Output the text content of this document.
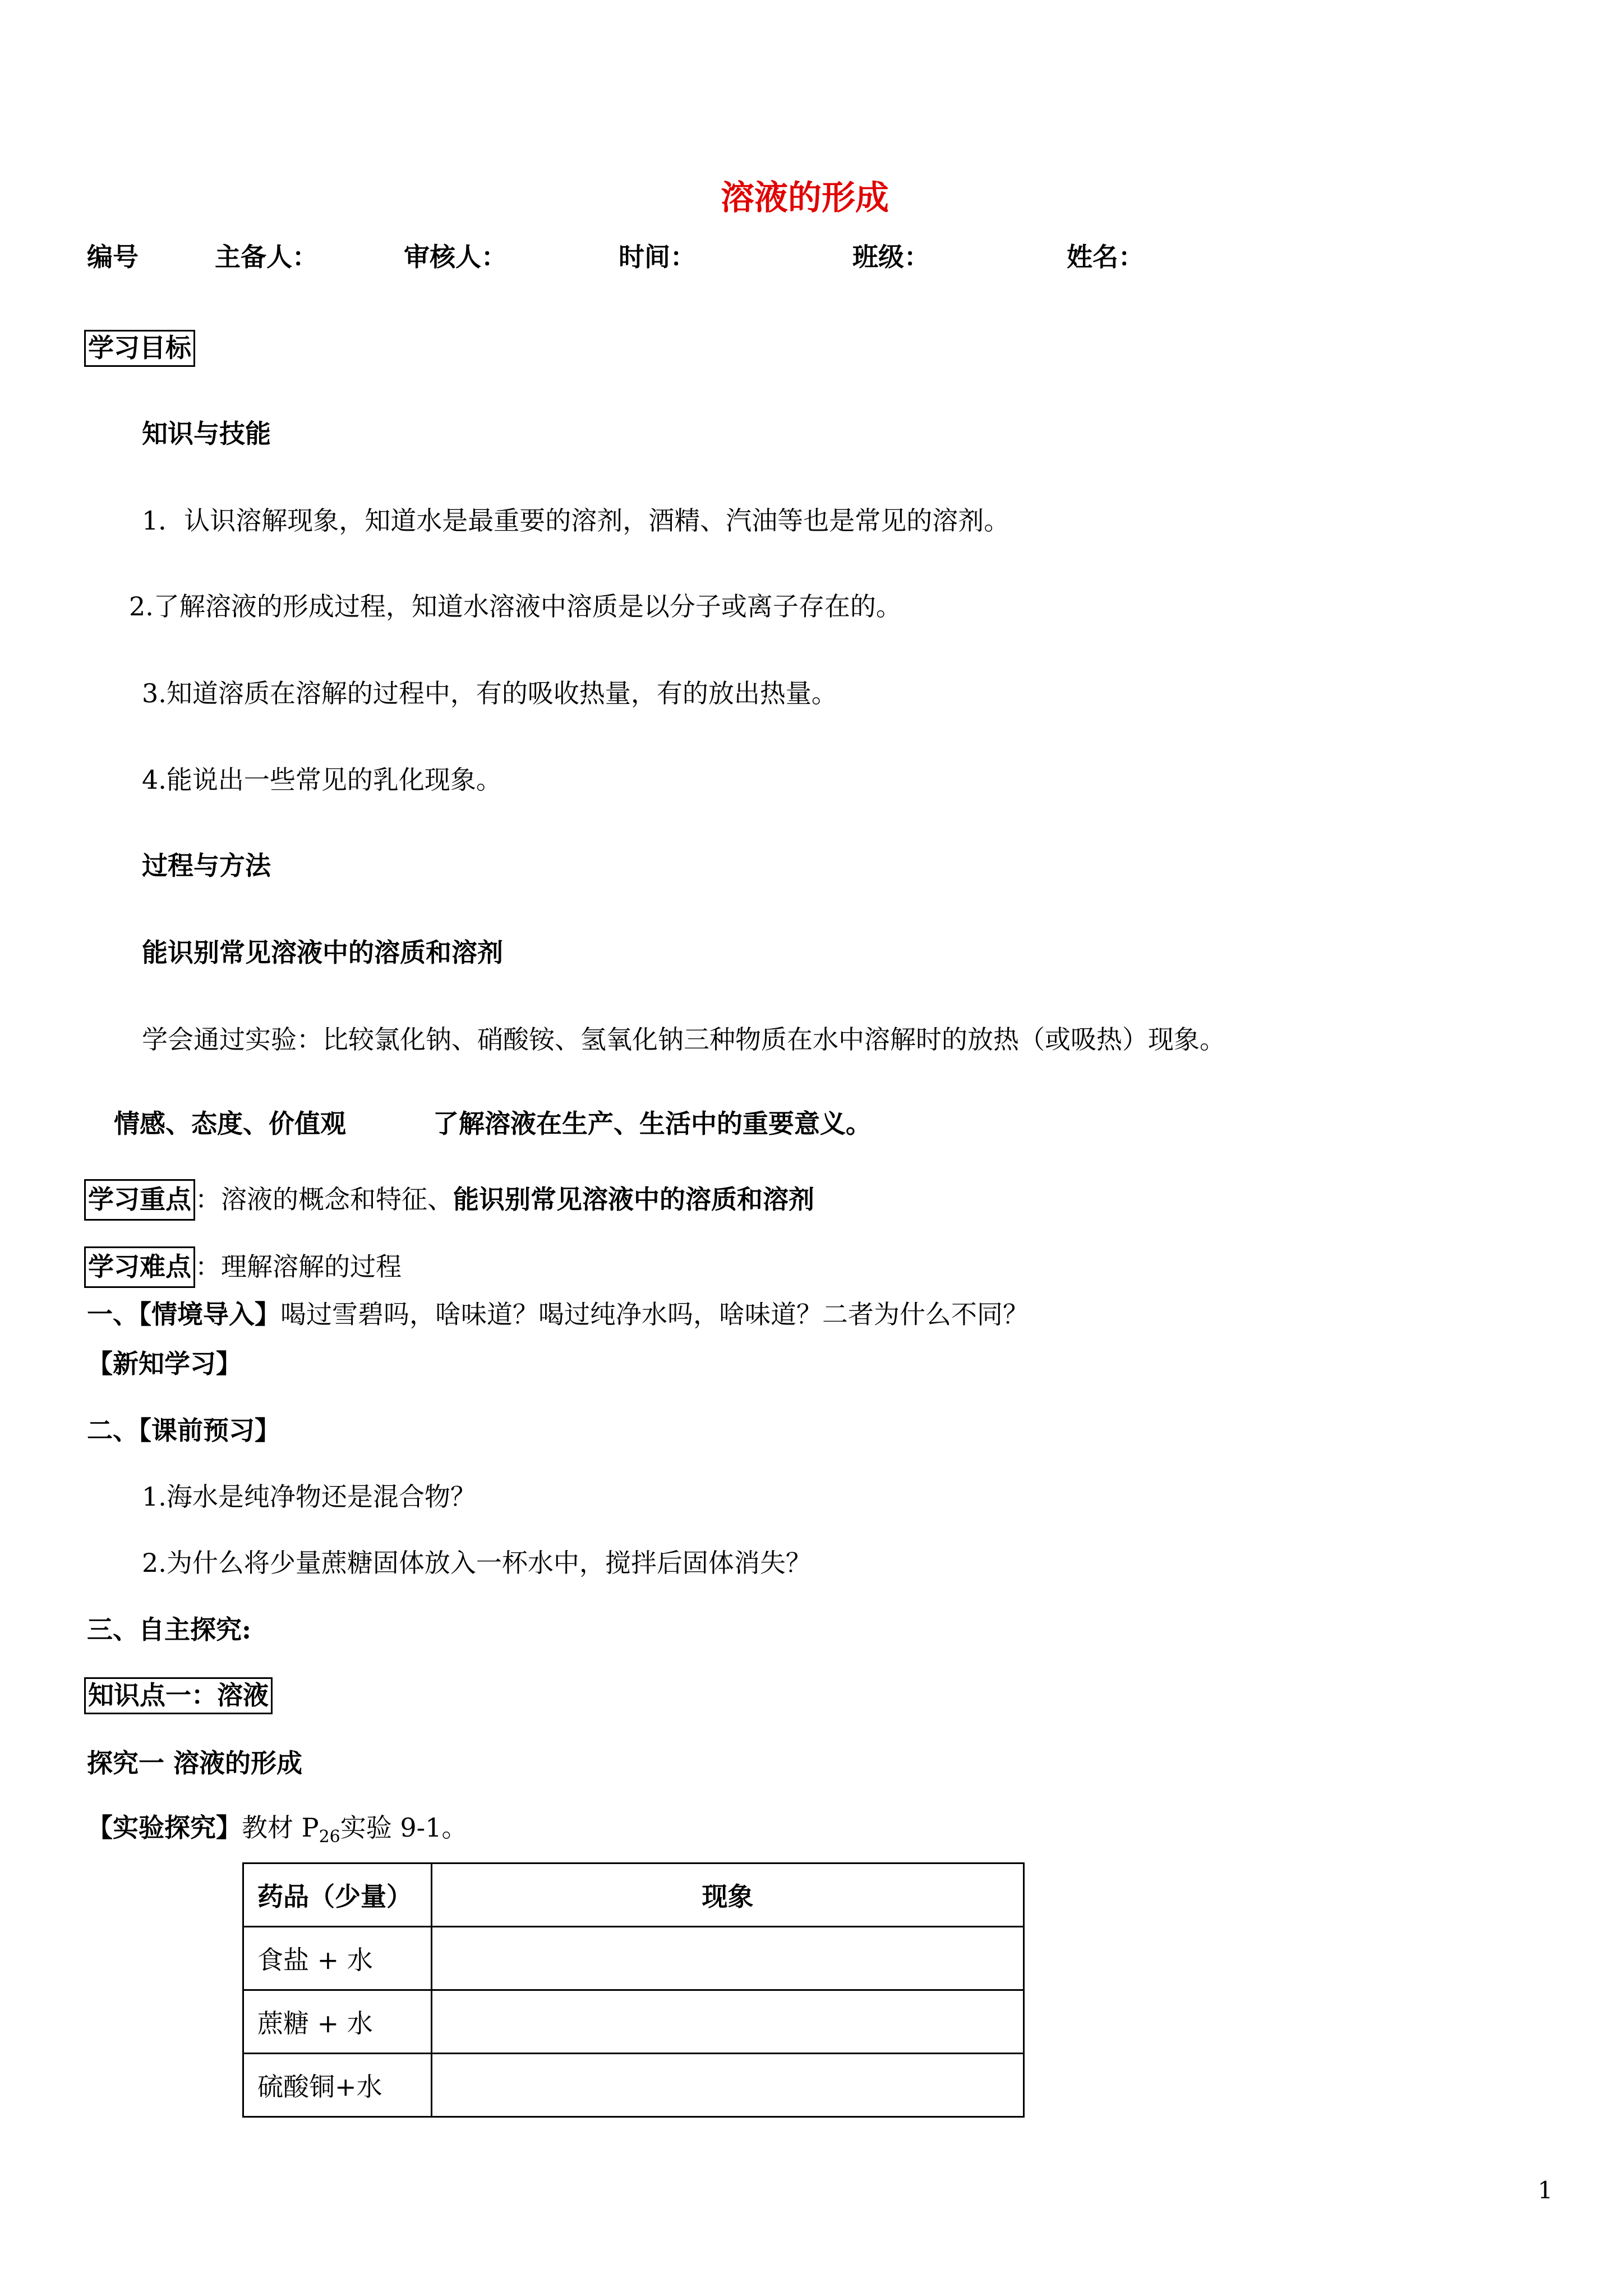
溶液的形成
编号	主备人：	审核人：	时间：	班级：	姓名：
学习目标
知识与技能
1．认识溶解现象，知道水是最重要的溶剂，酒精、汽油等也是常见的溶剂。
2.了解溶液的形成过程，知道水溶液中溶质是以分子或离子存在的。
3.知道溶质在溶解的过程中，有的吸收热量，有的放出热量。
4.能说出一些常见的乳化现象。
过程与方法
能识别常见溶液中的溶质和溶剂
学会通过实验：比较氯化钠、硝酸铵、氢氧化钠三种物质在水中溶解时的放热（或吸热）现象。
情感、态度、价值观	了解溶液在生产、生活中的重要意义。
学习重点 ：溶液的概念和特征、能识别常见溶液中的溶质和溶剂
学习难点 ：理解溶解的过程
一、【情境导入】喝过雪碧吗，啥味道？喝过纯净水吗，啥味道？二者为什么不同？
【新知学习】
二、【课前预习】
1.海水是纯净物还是混合物？
2.为什么将少量蔗糖固体放入一杯水中，搅拌后固体消失？
三、自主探究:
知识点一：溶液
探究一 溶液的形成
【实验探究】教材 $P_{26}$实验 9-1。
药品（少量）	现象
食盐 + 水	
蔗糖 + 水	
硫酸铜+水	
1
